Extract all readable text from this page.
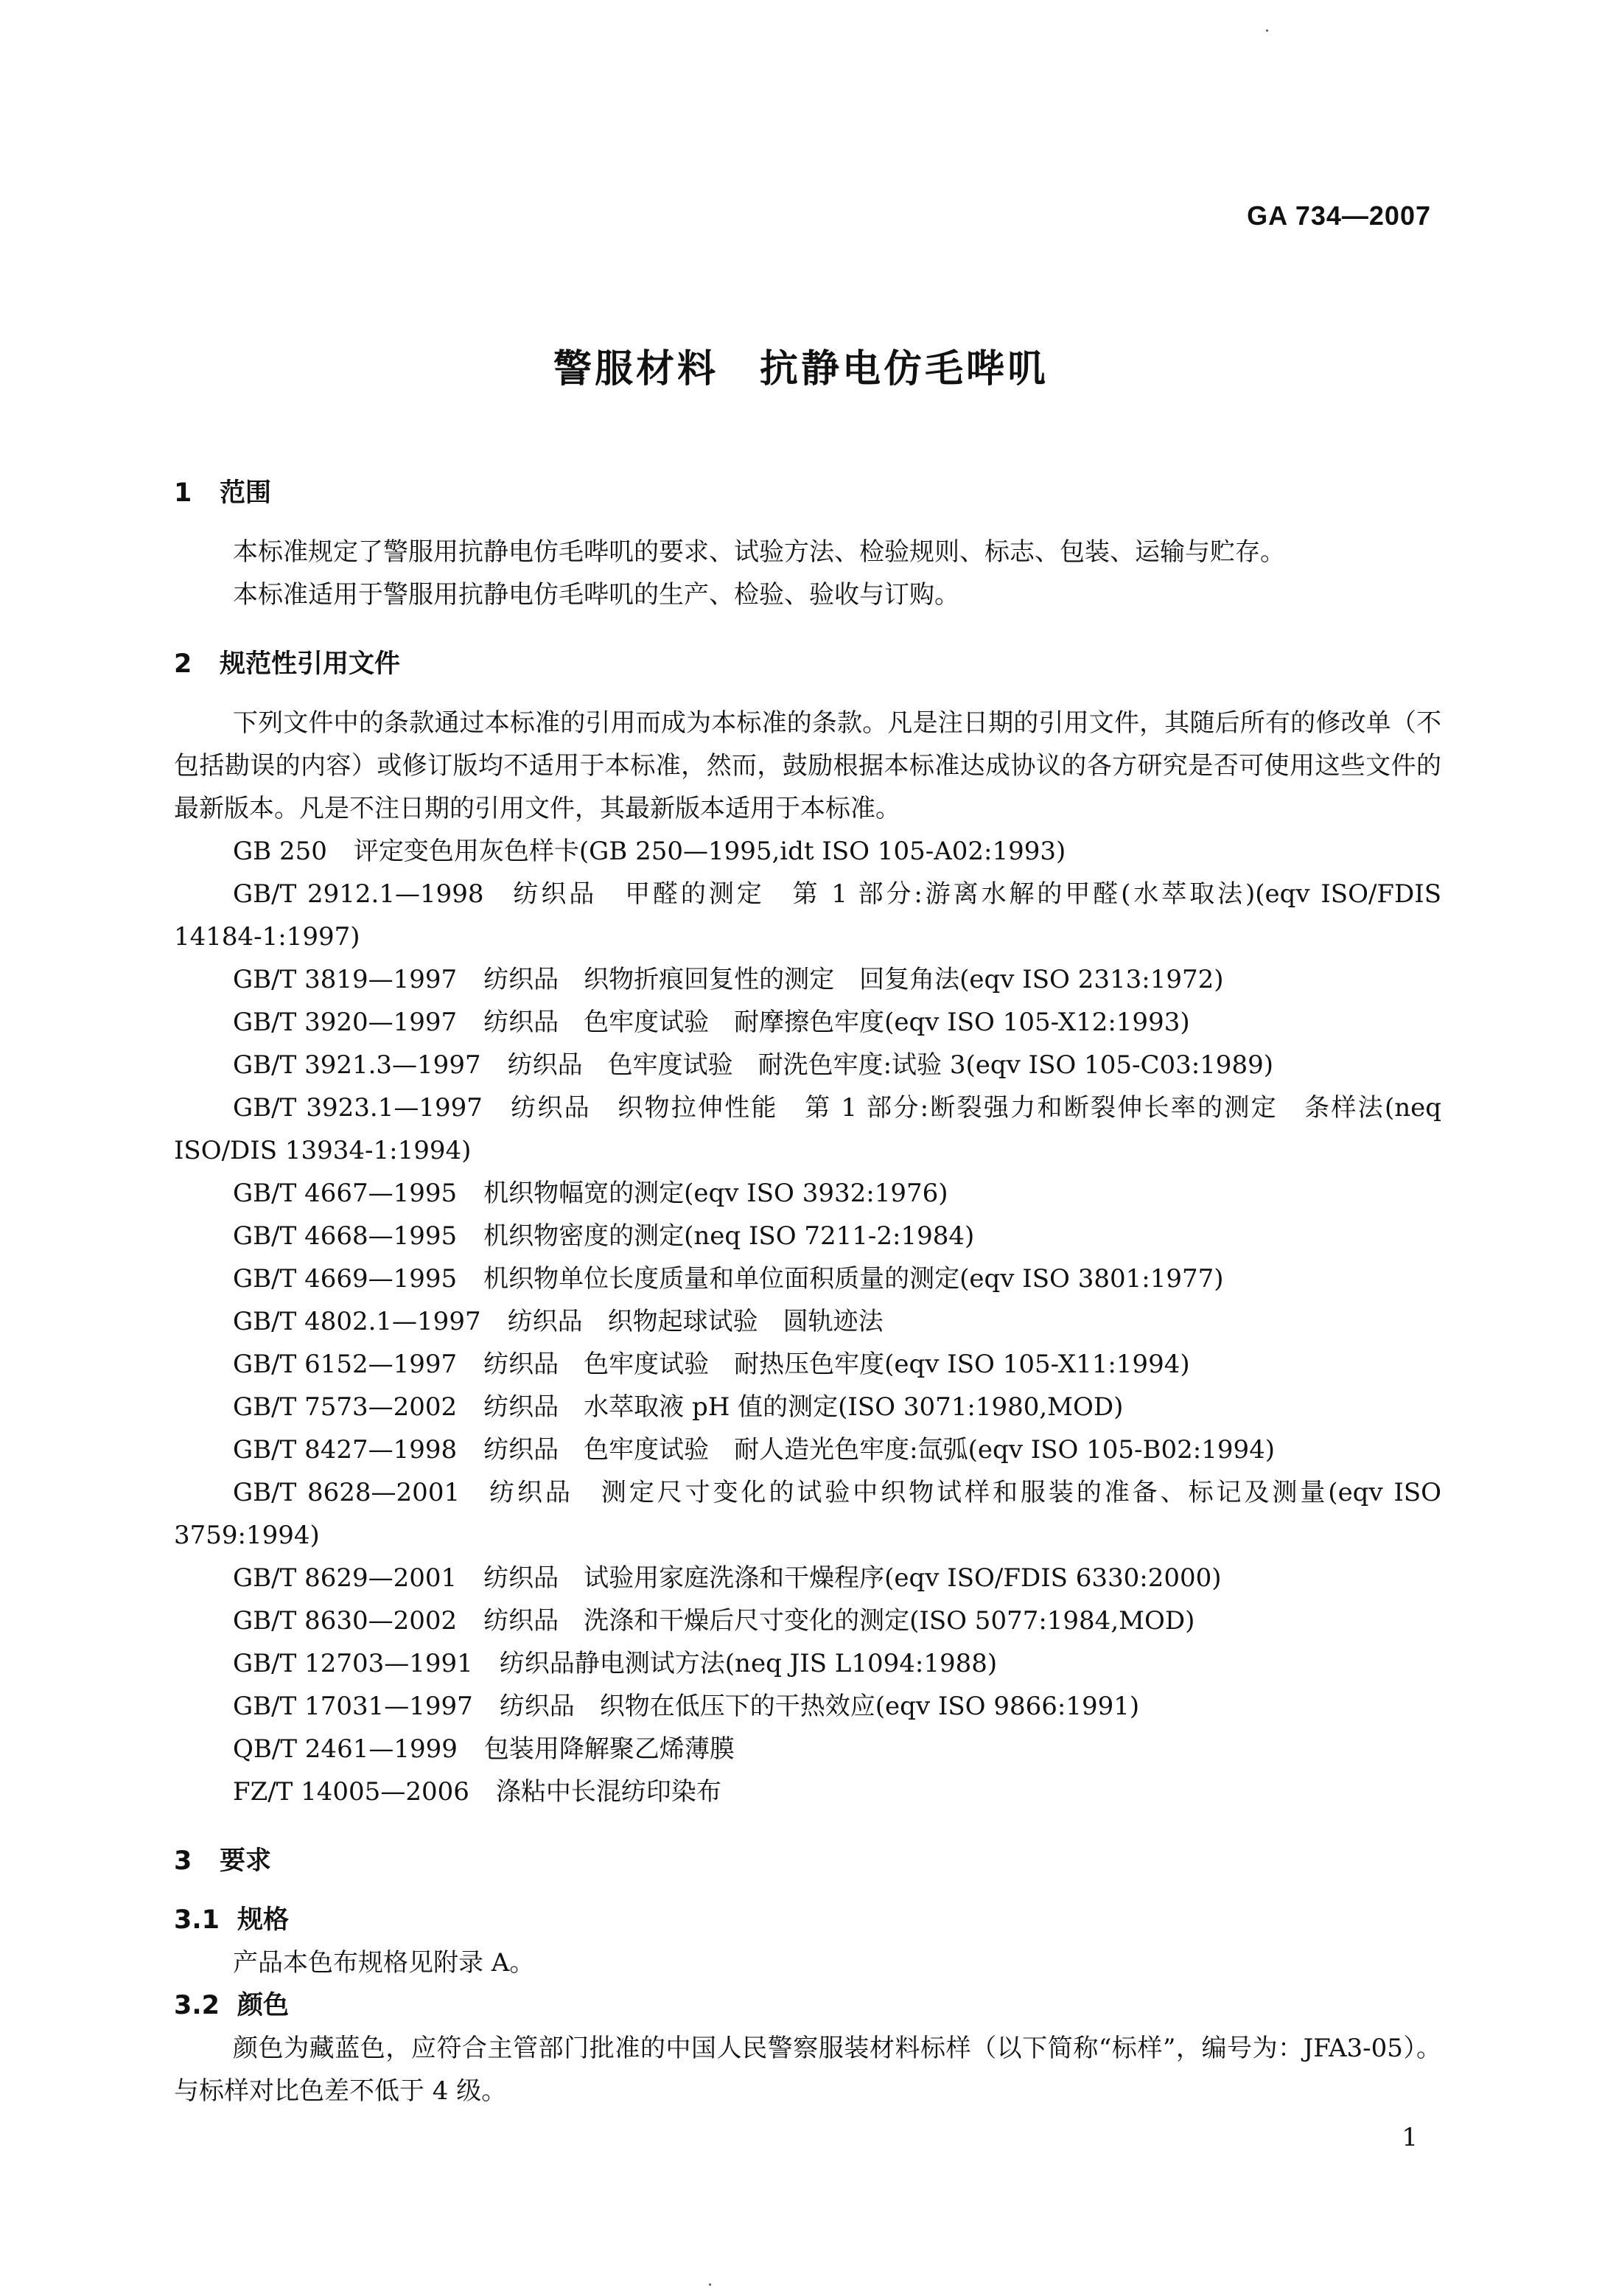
GA 734—2007
警服材料　抗静电仿毛哔叽
1 范围

本标准规定了警服用抗静电仿毛哔叽的要求、试验方法、检验规则、标志、包装、运输与贮存。

本标准适用于警服用抗静电仿毛哔叽的生产、检验、验收与订购。

2 规范性引用文件

下列文件中的条款通过本标准的引用而成为本标准的条款。凡是注日期的引用文件，其随后所有的修改单（不包括勘误的内容）或修订版均不适用于本标准，然而，鼓励根据本标准达成协议的各方研究是否可使用这些文件的最新版本。凡是不注日期的引用文件，其最新版本适用于本标准。

GB 250 评定变色用灰色样卡(GB 250—1995,idt ISO 105-A02:1993)

GB/T 2912.1—1998 纺织品　甲醛的测定　第 1 部分:游离水解的甲醛(水萃取法)(eqv ISO/FDIS 14184-1:1997)

GB/T 3819—1997 纺织品　织物折痕回复性的测定　回复角法(eqv ISO 2313:1972)

GB/T 3920—1997 纺织品　色牢度试验　耐摩擦色牢度(eqv ISO 105-X12:1993)

GB/T 3921.3—1997 纺织品　色牢度试验　耐洗色牢度:试验 3(eqv ISO 105-C03:1989)

GB/T 3923.1—1997 纺织品　织物拉伸性能　第 1 部分:断裂强力和断裂伸长率的测定　条样法(neq ISO/DIS 13934-1:1994)

GB/T 4667—1995 机织物幅宽的测定(eqv ISO 3932:1976)

GB/T 4668—1995 机织物密度的测定(neq ISO 7211-2:1984)

GB/T 4669—1995 机织物单位长度质量和单位面积质量的测定(eqv ISO 3801:1977)

GB/T 4802.1—1997 纺织品　织物起球试验　圆轨迹法

GB/T 6152—1997 纺织品　色牢度试验　耐热压色牢度(eqv ISO 105-X11:1994)

GB/T 7573—2002 纺织品　水萃取液 pH 值的测定(ISO 3071:1980,MOD)

GB/T 8427—1998 纺织品　色牢度试验　耐人造光色牢度:氙弧(eqv ISO 105-B02:1994)

GB/T 8628—2001 纺织品　测定尺寸变化的试验中织物试样和服装的准备、标记及测量(eqv ISO 3759:1994)

GB/T 8629—2001 纺织品　试验用家庭洗涤和干燥程序(eqv ISO/FDIS 6330:2000)

GB/T 8630—2002 纺织品　洗涤和干燥后尺寸变化的测定(ISO 5077:1984,MOD)

GB/T 12703—1991 纺织品静电测试方法(neq JIS L1094:1988)

GB/T 17031—1997 纺织品　织物在低压下的干热效应(eqv ISO 9866:1991)

QB/T 2461—1999 包装用降解聚乙烯薄膜

FZ/T 14005—2006 涤粘中长混纺印染布

3 要求
3.1 规格

产品本色布规格见附录 A。

3.2 颜色

颜色为藏蓝色，应符合主管部门批准的中国人民警察服装材料标样（以下简称“标样”，编号为：JFA3-05）。与标样对比色差不低于 4 级。

1
